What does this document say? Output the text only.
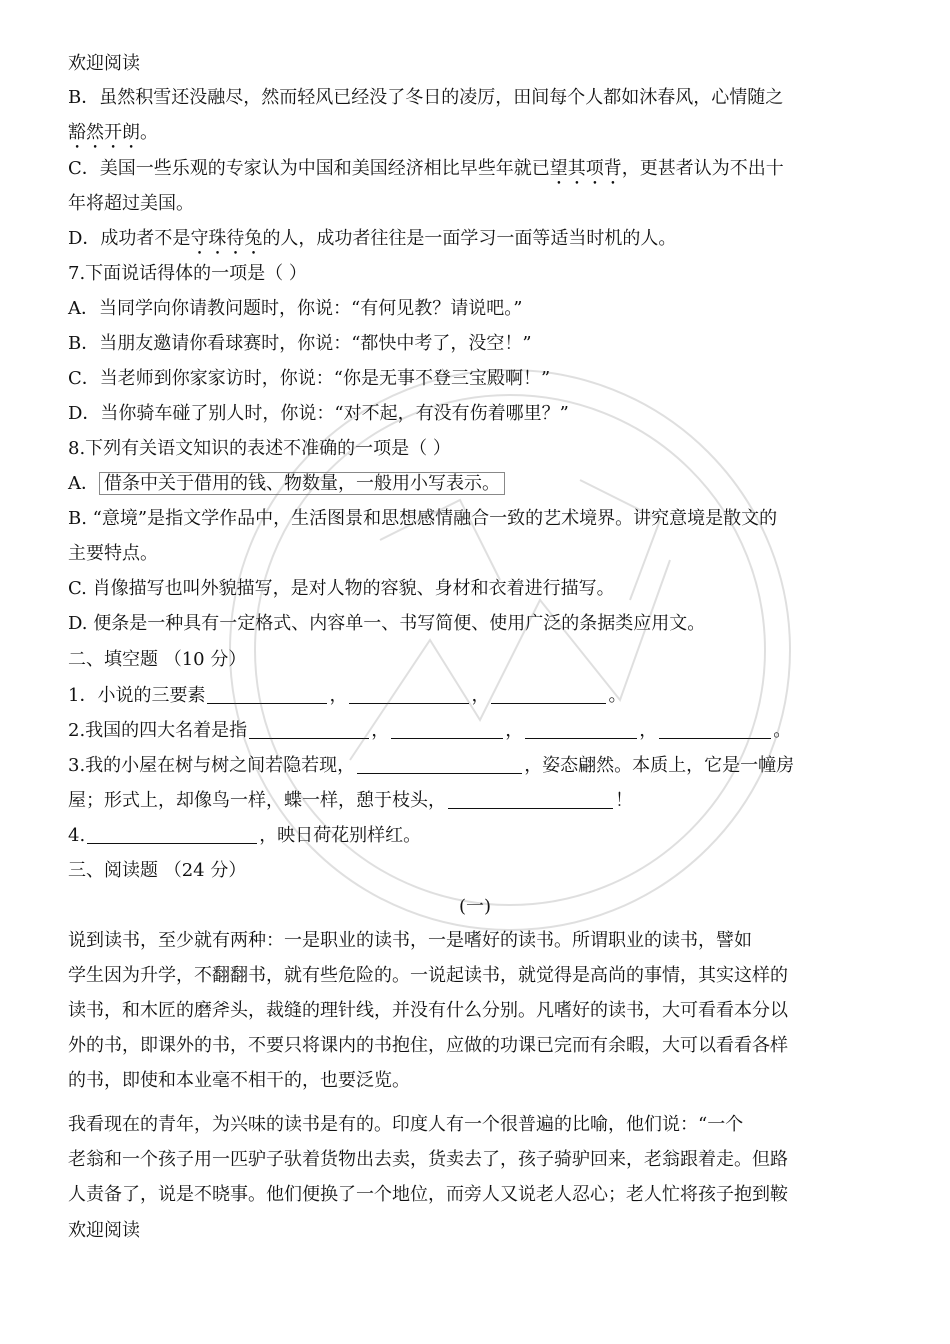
欢迎阅读
B．虽然积雪还没融尽，然而轻风已经没了冬日的凌厉，田间每个人都如沐春风，心情随之
豁然开朗。
C．美国一些乐观的专家认为中国和美国经济相比早些年就已望其项背，更甚者认为不出十
年将超过美国。
D．成功者不是守珠待兔的人，成功者往往是一面学习一面等适当时机的人。
7.下面说话得体的一项是（ ）
A．当同学向你请教问题时，你说：“有何见教？请说吧。”
B．当朋友邀请你看球赛时，你说：“都快中考了，没空！”
C．当老师到你家家访时，你说：“你是无事不登三宝殿啊！”
D．当你骑车碰了别人时，你说：“对不起，有没有伤着哪里？”
8.下列有关语文知识的表述不准确的一项是（ ）
A． 借条中关于借用的钱、物数量，一般用小写表示。
B. “意境”是指文学作品中，生活图景和思想感情融合一致的艺术境界。讲究意境是散文的
主要特点。
C. 肖像描写也叫外貌描写，是对人物的容貌、身材和衣着进行描写。
D. 便条是一种具有一定格式、内容单一、书写简便、使用广泛的条据类应用文。
二、填空题 （10 分）
1．小说的三要素	，	，	。
2.我国的四大名着是指	，	，	，	。
3.我的小屋在树与树之间若隐若现，	，姿态翩然。本质上，它是一幢房
屋；形式上，却像鸟一样，蝶一样，憩于枝头，	！
4.	，映日荷花别样红。
三、阅读题 （24 分）
(一)
说到读书，至少就有两种：一是职业的读书，一是嗜好的读书。所谓职业的读书，譬如
学生因为升学，不翻翻书，就有些危险的。一说起读书，就觉得是高尚的事情，其实这样的
读书，和木匠的磨斧头，裁缝的理针线，并没有什么分别。凡嗜好的读书，大可看看本分以
外的书，即课外的书，不要只将课内的书抱住，应做的功课已完而有余暇，大可以看看各样
的书，即使和本业毫不相干的，也要泛览。
我看现在的青年，为兴味的读书是有的。印度人有一个很普遍的比喻，他们说：“一个
老翁和一个孩子用一匹驴子驮着货物出去卖，货卖去了，孩子骑驴回来，老翁跟着走。但路
人责备了，说是不晓事。他们便换了一个地位，而旁人又说老人忍心；老人忙将孩子抱到鞍
欢迎阅读
